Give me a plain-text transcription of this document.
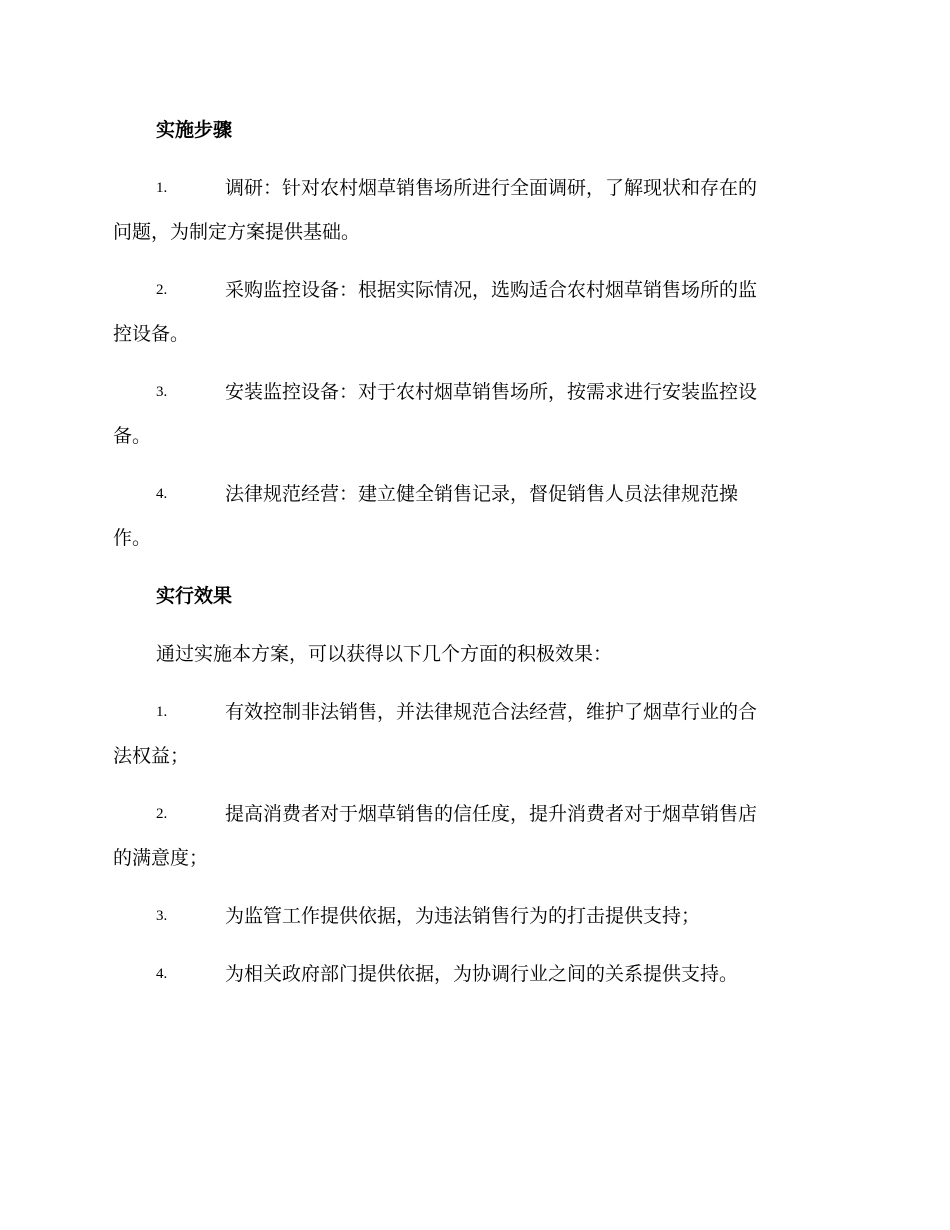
实施步骤
1.	调研：针对农村烟草销售场所进行全面调研，了解现状和存在的
问题，为制定方案提供基础。
2.	采购监控设备：根据实际情况，选购适合农村烟草销售场所的监
控设备。
3.	安装监控设备：对于农村烟草销售场所，按需求进行安装监控设
备。
4.	法律规范经营：建立健全销售记录，督促销售人员法律规范操
作。
实行效果
通过实施本方案，可以获得以下几个方面的积极效果：
1.	有效控制非法销售，并法律规范合法经营，维护了烟草行业的合
法权益；
2.	提高消费者对于烟草销售的信任度，提升消费者对于烟草销售店
的满意度；
3.	为监管工作提供依据，为违法销售行为的打击提供支持；
4.	为相关政府部门提供依据，为协调行业之间的关系提供支持。
